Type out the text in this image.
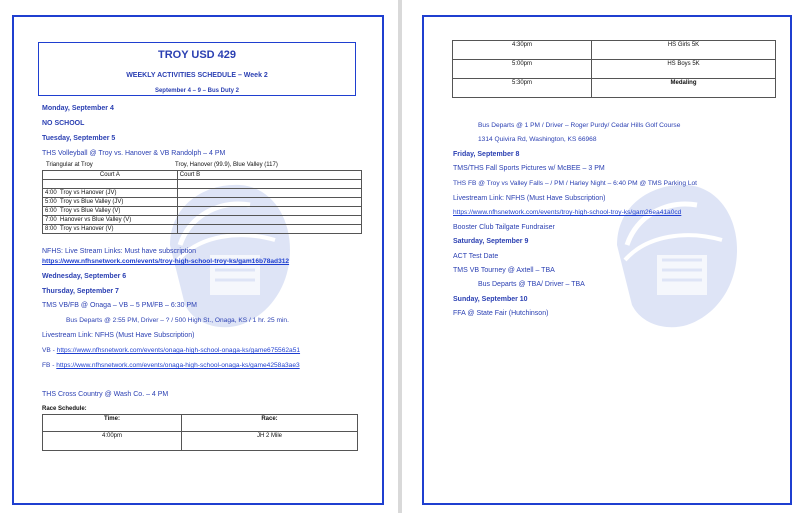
TROY USD 429
WEEKLY ACTIVITIES SCHEDULE – Week 2
September 4 – 9 – Bus Duty 2
Monday, September 4
NO SCHOOL
Tuesday, September 5
THS Volleyball @ Troy vs. Hanover & VB Randolph – 4 PM
Triangular at Troy	Troy, Hanover (99.9), Blue Valley (117)
Court A	Court B

4:00 Troy vs Hanover (JV)	
5:00 Troy vs Blue Valley (JV)	
6:00 Troy vs Blue Valley (V)	
7:00 Hanover vs Blue Valley (V)	
8:00 Troy vs Hanover (V)	
NFHS: Live Stream Links: Must have subscription
https://www.nfhsnetwork.com/events/troy-high-school-troy-ks/gam16b78ad312
Wednesday, September 6
Thursday, September 7
TMS VB/FB @ Onaga – VB – 5 PM/FB – 6:30 PM
Bus Departs @ 2:55 PM, Driver – ? / 500 High St., Onaga, KS / 1 hr. 25 min.
Livestream Link: NFHS (Must Have Subscription)
VB - https://www.nfhsnetwork.com/events/onaga-high-school-onaga-ks/game675562a51
FB - https://www.nfhsnetwork.com/events/onaga-high-school-onaga-ks/game4258a3ae3
THS Cross Country @ Wash Co. – 4 PM
Race Schedule:
Time:	Race:
4:00pm	JH 2 Mile
4:30pm	HS Girls 5K
5:00pm	HS Boys 5K
5:30pm	Medaling
Bus Departs @ 1 PM / Driver – Roger Purdy/ Cedar Hills Golf Course
1314 Quivira Rd, Washington, KS 66968
Friday, September 8
TMS/THS Fall Sports Pictures w/ McBEE – 3 PM
THS FB @ Troy vs Valley Falls – / PM / Harley Night – 6:40 PM @ TMS Parking Lot
Livestream Link: NFHS (Must Have Subscription)
https://www.nfhsnetwork.com/events/troy-high-school-troy-ks/gam26ea41a0cd
Booster Club Tailgate Fundraiser
Saturday, September 9
ACT Test Date
TMS VB Tourney @ Axtell – TBA
Bus Departs @ TBA/ Driver – TBA
Sunday, September 10
FFA @ State Fair (Hutchinson)
